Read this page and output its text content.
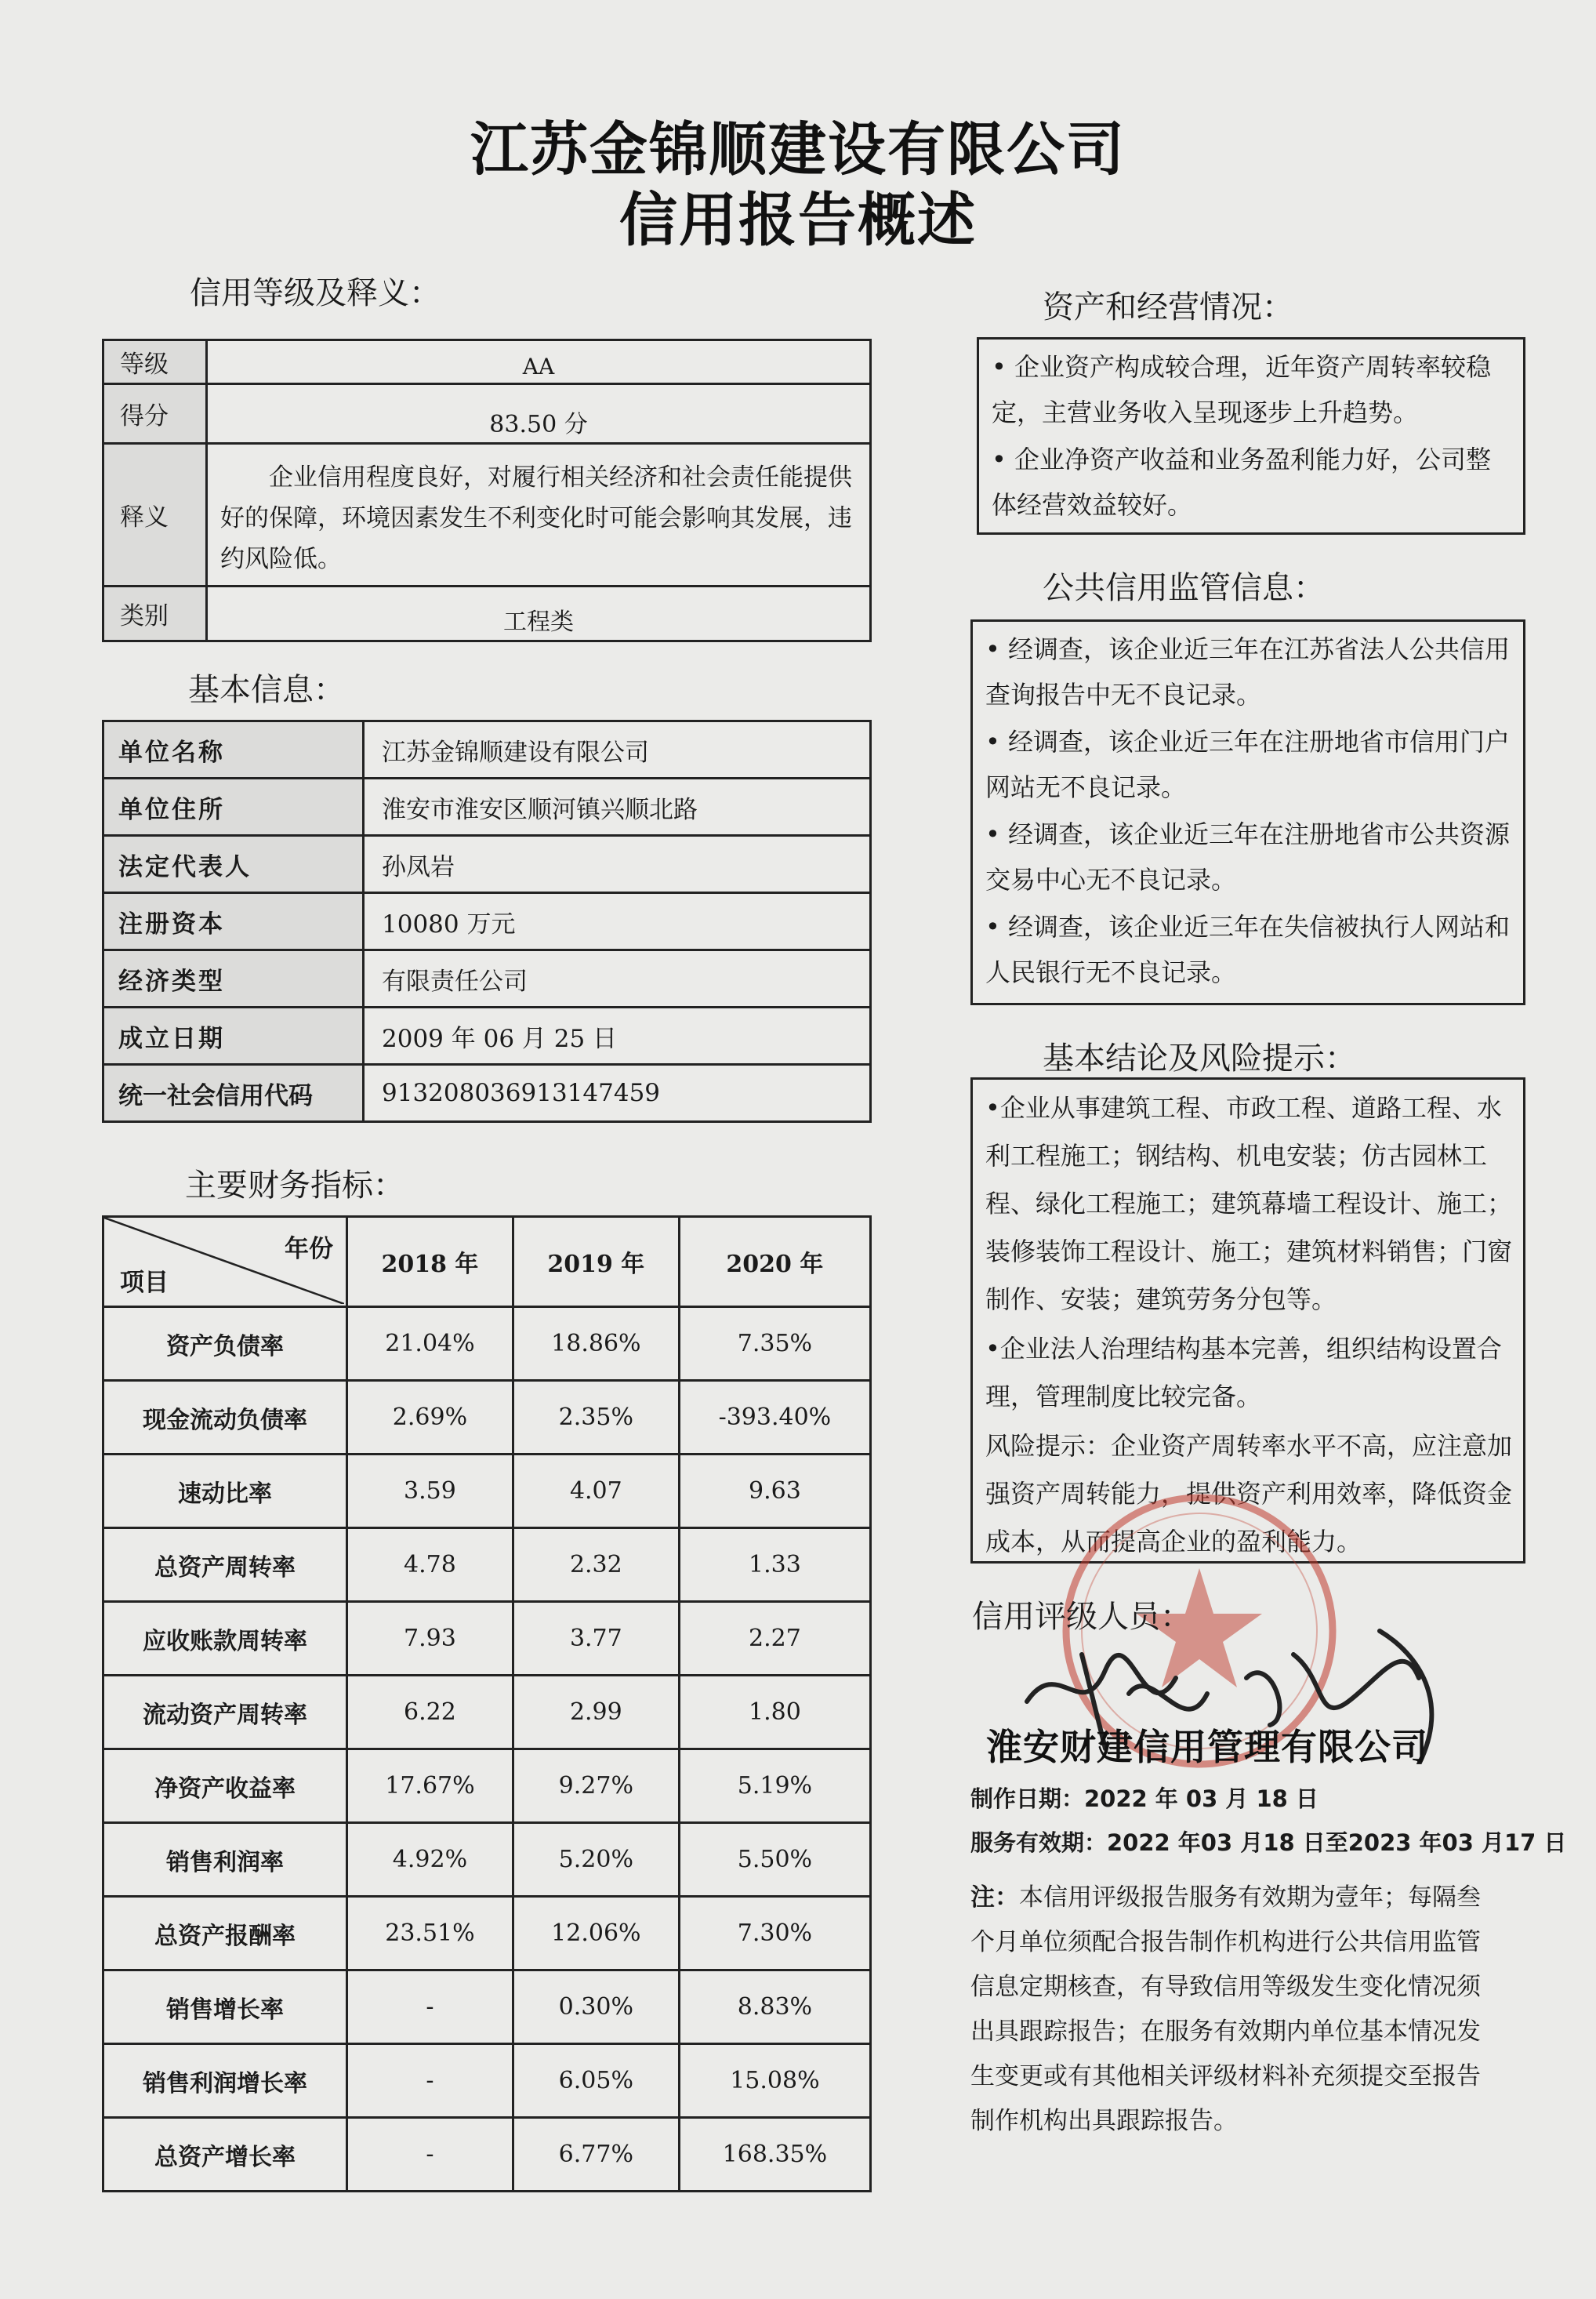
江苏金锦顺建设有限公司
信用报告概述
信用等级及释义：
等级	AA
得分	83.50 分
释义	企业信用程度良好，对履行相关经济和社会责任能提供好的保障，环境因素发生不利变化时可能会影响其发展，违约风险低。
类别	工程类
基本信息：
单位名称	江苏金锦顺建设有限公司
单位住所	淮安市淮安区顺河镇兴顺北路
法定代表人	孙凤岩
注册资本	10080 万元
经济类型	有限责任公司
成立日期	2009 年 06 月 25 日
统一社会信用代码	913208036913147459
主要财务指标：
年份
项目	2018 年	2019 年	2020 年
资产负债率	21.04%	18.86%	7.35%
现金流动负债率	2.69%	2.35%	-393.40%
速动比率	3.59	4.07	9.63
总资产周转率	4.78	2.32	1.33
应收账款周转率	7.93	3.77	2.27
流动资产周转率	6.22	2.99	1.80
净资产收益率	17.67%	9.27%	5.19%
销售利润率	4.92%	5.20%	5.50%
总资产报酬率	23.51%	12.06%	7.30%
销售增长率	-	0.30%	8.83%
销售利润增长率	-	6.05%	15.08%
总资产增长率	-	6.77%	168.35%
资产和经营情况：

• 企业资产构成较合理，近年资产周转率较稳定，主营业务收入呈现逐步上升趋势。

• 企业净资产收益和业务盈利能力好，公司整体经营效益较好。

公共信用监管信息：

• 经调查，该企业近三年在江苏省法人公共信用查询报告中无不良记录。

• 经调查，该企业近三年在注册地省市信用门户网站无不良记录。

• 经调查，该企业近三年在注册地省市公共资源交易中心无不良记录。

• 经调查，该企业近三年在失信被执行人网站和人民银行无不良记录。

基本结论及风险提示：

•企业从事建筑工程、市政工程、道路工程、水利工程施工；钢结构、机电安装；仿古园林工程、绿化工程施工；建筑幕墙工程设计、施工；装修装饰工程设计、施工；建筑材料销售；门窗制作、安装；建筑劳务分包等。

•企业法人治理结构基本完善，组织结构设置合理，管理制度比较完备。

风险提示：企业资产周转率水平不高，应注意加强资产周转能力，提供资产利用效率，降低资金成本，从而提高企业的盈利能力。

信用评级人员：
淮安财建信用管理有限公司
制作日期：2022 年 03 月 18 日
服务有效期：2022 年03 月18 日至2023 年03 月17 日
注：本信用评级报告服务有效期为壹年；每隔叁个月单位须配合报告制作机构进行公共信用监管信息定期核查，有导致信用等级发生变化情况须出具跟踪报告；在服务有效期内单位基本情况发生变更或有其他相关评级材料补充须提交至报告制作机构出具跟踪报告。
